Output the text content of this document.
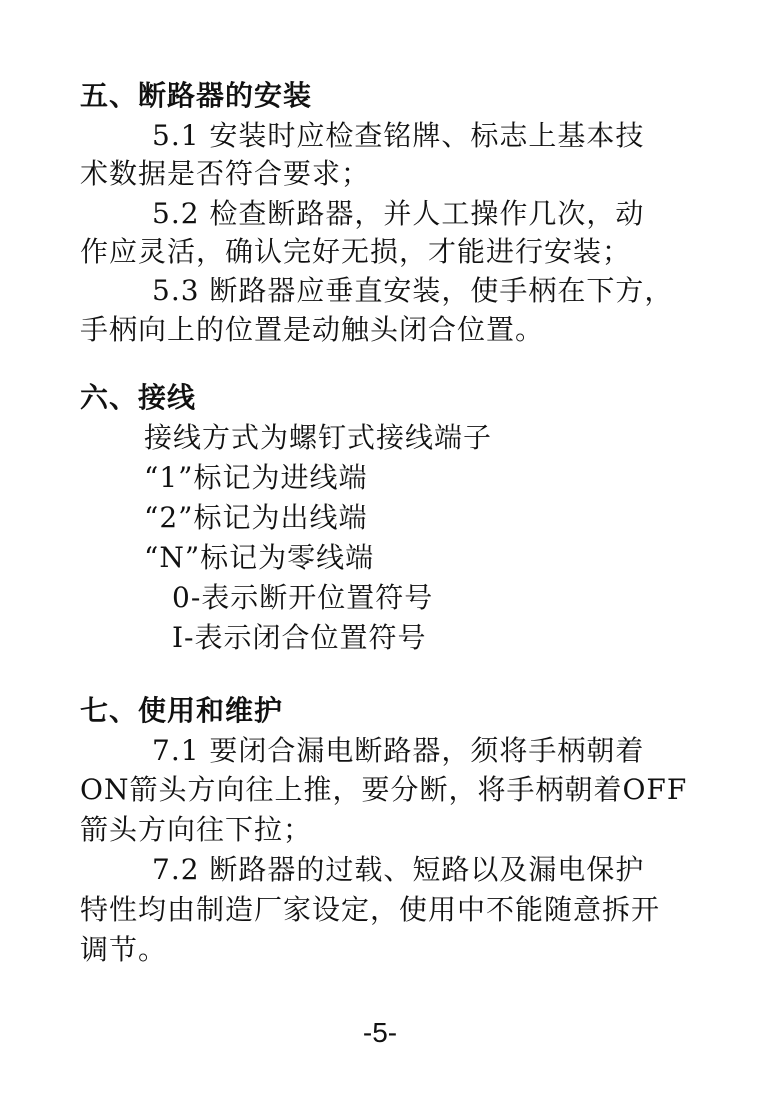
五、断路器的安装
5.1 安装时应检查铭牌、标志上基本技
术数据是否符合要求；
5.2 检查断路器，并人工操作几次，动
作应灵活，确认完好无损，才能进行安装；
5.3 断路器应垂直安装，使手柄在下方，
手柄向上的位置是动触头闭合位置。
六、接线
接线方式为螺钉式接线端子
“1”标记为进线端
“2”标记为出线端
“N”标记为零线端
0-表示断开位置符号
I-表示闭合位置符号
七、使用和维护
7.1 要闭合漏电断路器，须将手柄朝着
ON箭头方向往上推，要分断，将手柄朝着OFF
箭头方向往下拉；
7.2 断路器的过载、短路以及漏电保护
特性均由制造厂家设定，使用中不能随意拆开
调节。
-5-
